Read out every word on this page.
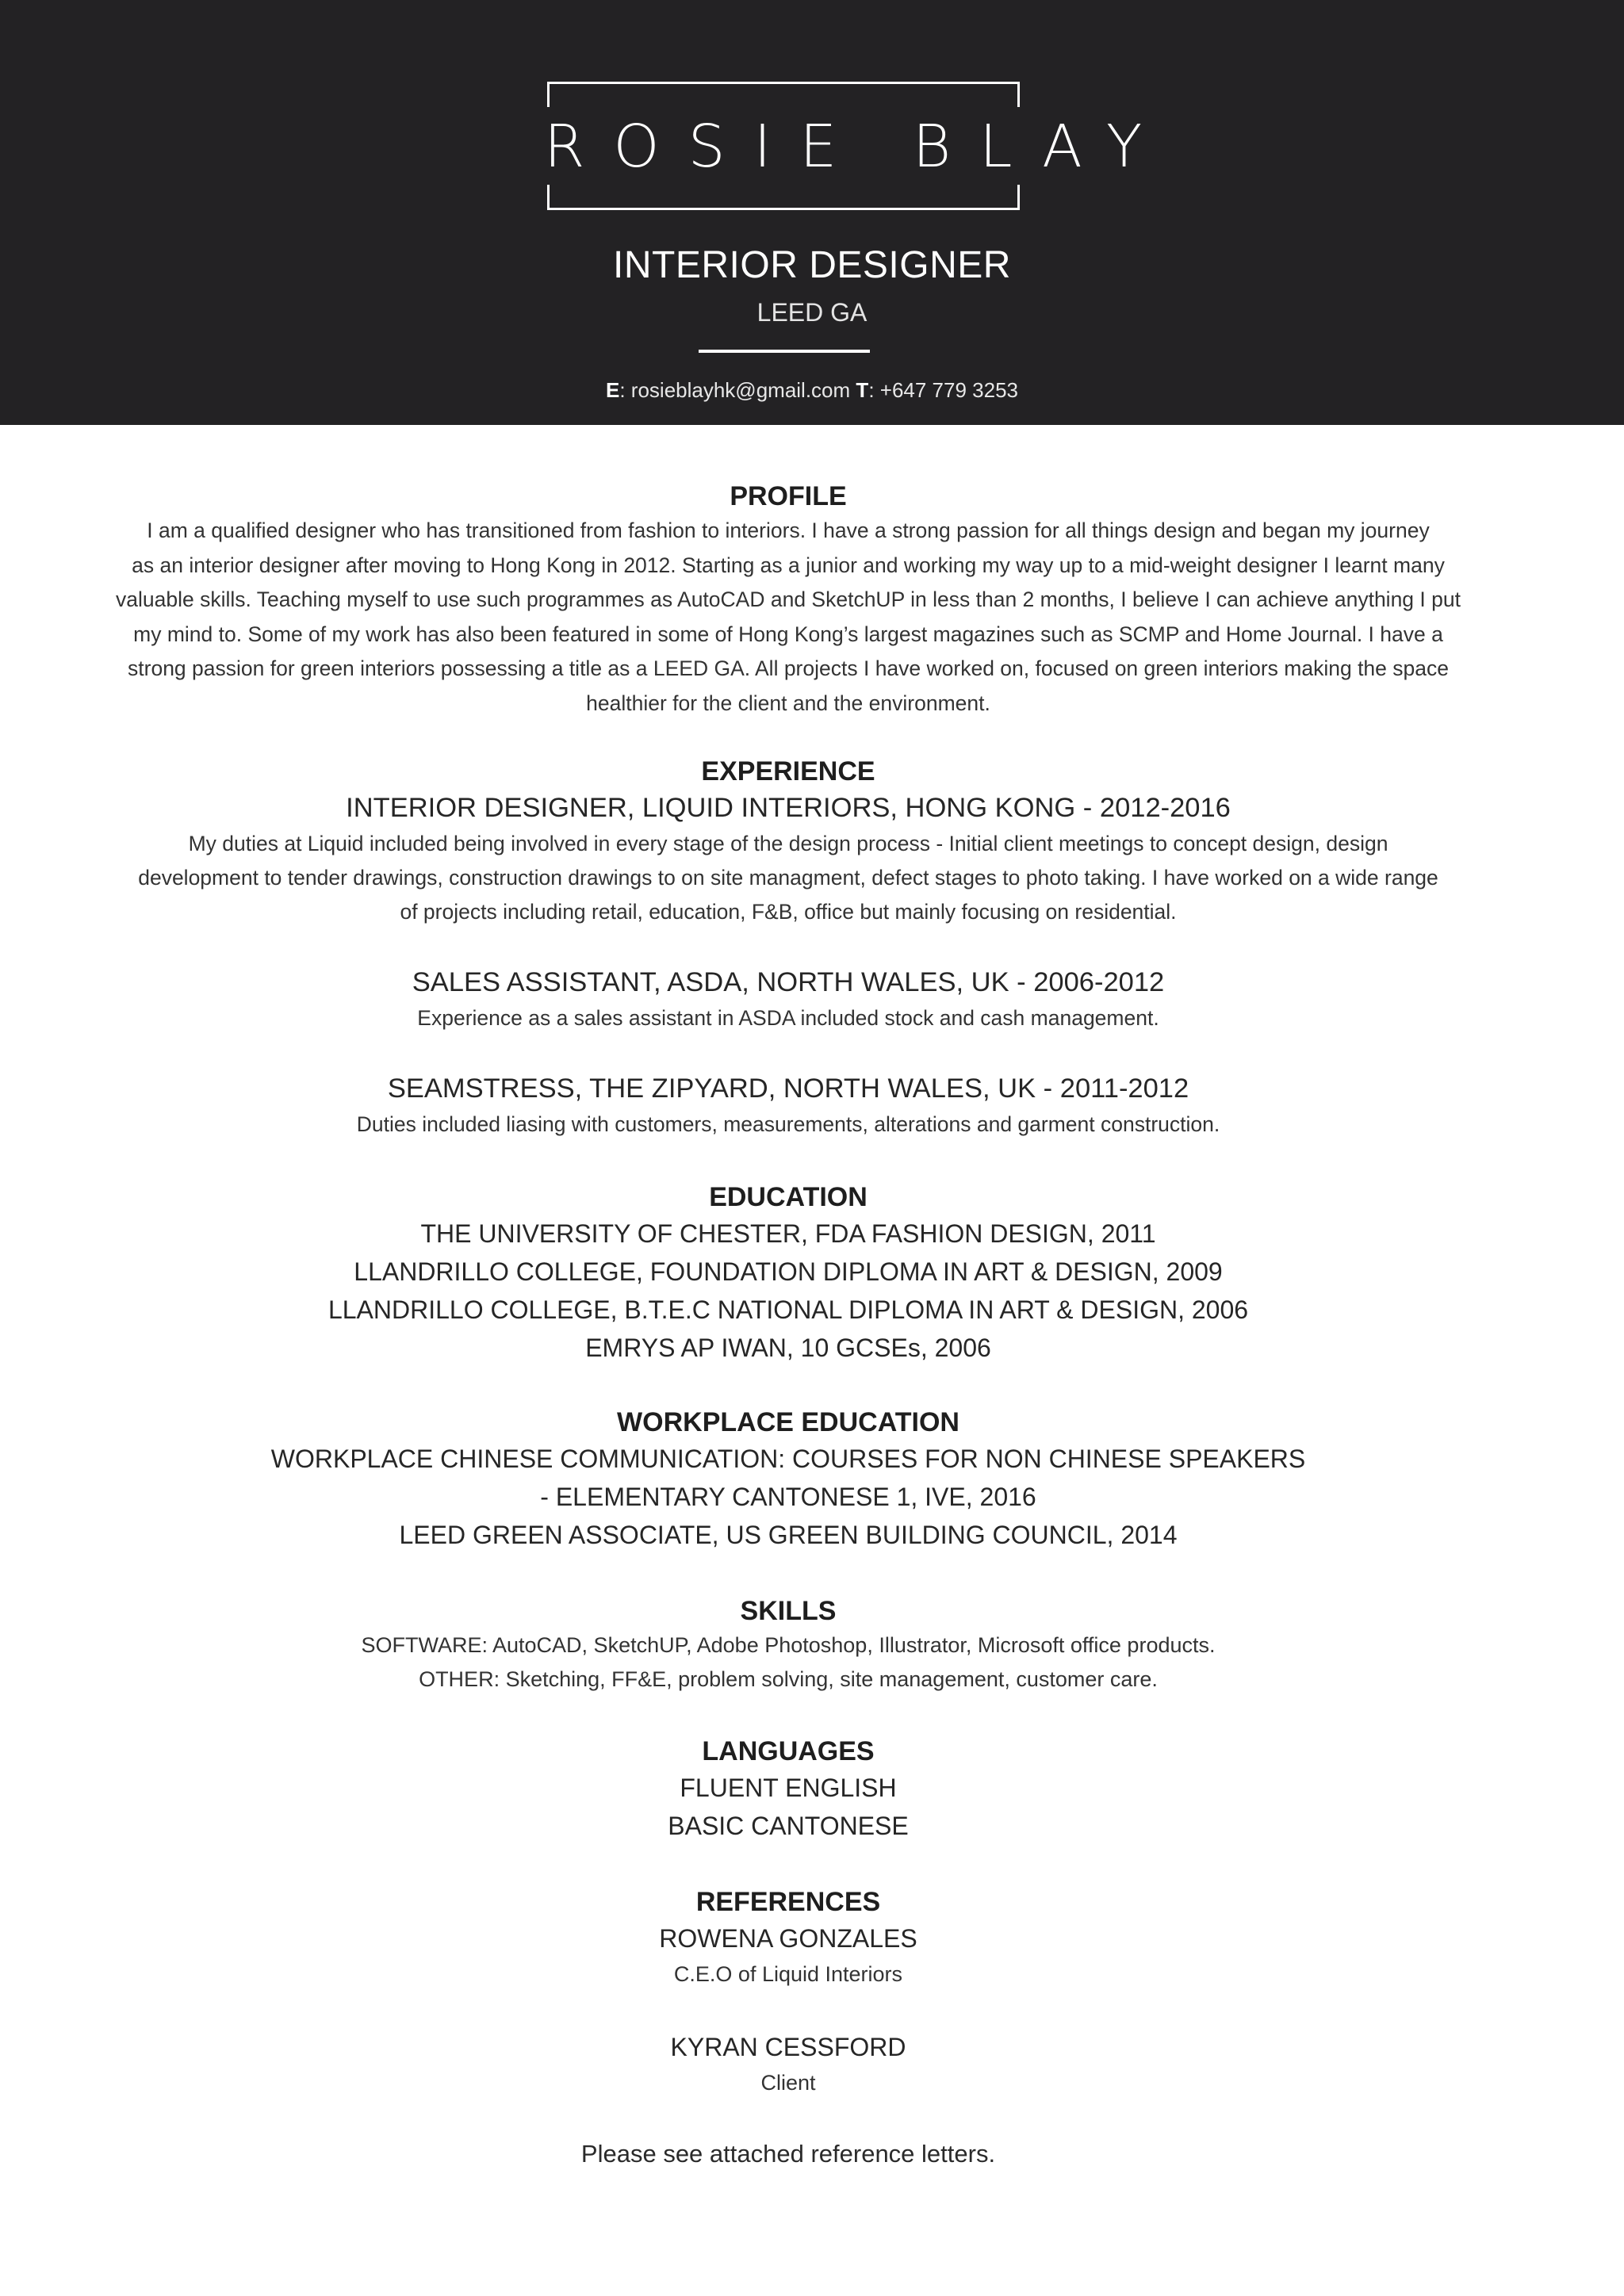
ROSIE BLAY
INTERIOR DESIGNER
LEED GA
E: rosieblayhk@gmail.com T: +647 779 3253
PROFILE

I am a qualified designer who has transitioned from fashion to interiors. I have a strong passion for all things design and began my journey
as an interior designer after moving to Hong Kong in 2012. Starting as a junior and working my way up to a mid-weight designer I learnt many
valuable skills. Teaching myself to use such programmes as AutoCAD and SketchUP in less than 2 months, I believe I can achieve anything I put
my mind to. Some of my work has also been featured in some of Hong Kong’s largest magazines such as SCMP and Home Journal. I have a
strong passion for green interiors possessing a title as a LEED GA. All projects I have worked on, focused on green interiors making the space
healthier for the client and the environment.

EXPERIENCE

INTERIOR DESIGNER, LIQUID INTERIORS, HONG KONG - 2012-2016

My duties at Liquid included being involved in every stage of the design process - Initial client meetings to concept design, design
development to tender drawings, construction drawings to on site managment, defect stages to photo taking. I have worked on a wide range
of projects including retail, education, F&B, office but mainly focusing on residential.

SALES ASSISTANT, ASDA, NORTH WALES, UK - 2006-2012

Experience as a sales assistant in ASDA included stock and cash management.

SEAMSTRESS, THE ZIPYARD, NORTH WALES, UK - 2011-2012

Duties included liasing with customers, measurements, alterations and garment construction.

EDUCATION

THE UNIVERSITY OF CHESTER, FDA FASHION DESIGN, 2011

LLANDRILLO COLLEGE, FOUNDATION DIPLOMA IN ART & DESIGN, 2009

LLANDRILLO COLLEGE, B.T.E.C NATIONAL DIPLOMA IN ART & DESIGN, 2006

EMRYS AP IWAN, 10 GCSEs, 2006

WORKPLACE EDUCATION

WORKPLACE CHINESE COMMUNICATION: COURSES FOR NON CHINESE SPEAKERS

- ELEMENTARY CANTONESE 1, IVE, 2016

LEED GREEN ASSOCIATE, US GREEN BUILDING COUNCIL, 2014

SKILLS

SOFTWARE: AutoCAD, SketchUP, Adobe Photoshop, Illustrator, Microsoft office products.

OTHER: Sketching, FF&E, problem solving, site management, customer care.

LANGUAGES

FLUENT ENGLISH

BASIC CANTONESE

REFERENCES

ROWENA GONZALES

C.E.O of Liquid Interiors

KYRAN CESSFORD

Client

Please see attached reference letters.
